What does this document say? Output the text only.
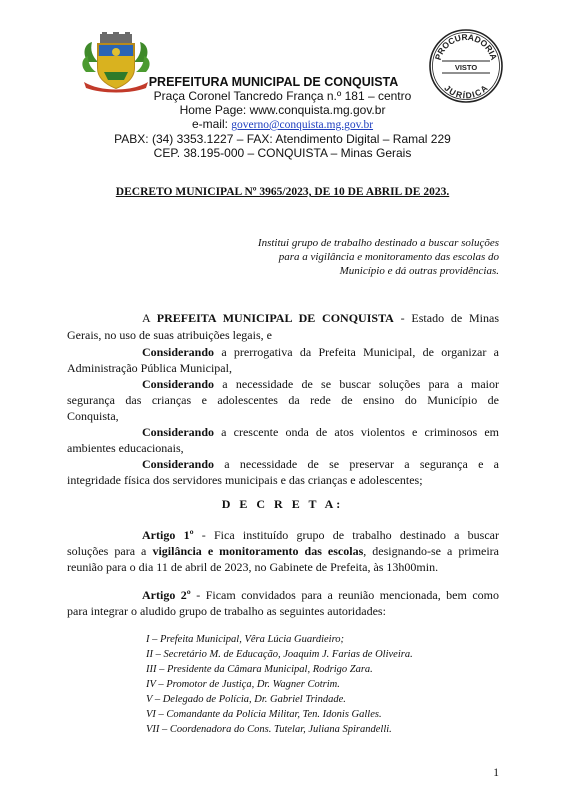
PROCURADORIA
VISTO
JURÍDICA
PREFEITURA MUNICIPAL DE CONQUISTA
Praça Coronel Tancredo França n.º 181 – centro
Home Page: www.conquista.mg.gov.br
e-mail: governo@conquista.mg.gov.br
PABX: (34) 3353.1227 – FAX: Atendimento Digital – Ramal 229
CEP. 38.195-000 – CONQUISTA – Minas Gerais
DECRETO MUNICIPAL Nº 3965/2023, DE 10 DE ABRIL DE 2023.
Institui grupo de trabalho destinado a buscar soluções
para a vigilância e monitoramento das escolas do
Município e dá outras providências.
A PREFEITA MUNICIPAL DE CONQUISTA - Estado de Minas
Gerais, no uso de suas atribuições legais, e
Considerando a prerrogativa da Prefeita Municipal, de organizar a
Administração Pública Municipal,
Considerando a necessidade de se buscar soluções para a maior
segurança das crianças e adolescentes da rede de ensino do Município de
Conquista,
Considerando a crescente onda de atos violentos e criminosos em
ambientes educacionais,
Considerando a necessidade de se preservar a segurança e a
integridade física dos servidores municipais e das crianças e adolescentes;
D E C R E T A:
Artigo 1º - Fica instituído grupo de trabalho destinado a buscar
soluções para a vigilância e monitoramento das escolas, designando-se a primeira
reunião para o dia 11 de abril de 2023, no Gabinete de Prefeita, às 13h00min.
Artigo 2º - Ficam convidados para a reunião mencionada, bem como
para integrar o aludido grupo de trabalho as seguintes autoridades:
I – Prefeita Municipal, Vêra Lúcia Guardieiro;
II – Secretário M. de Educação, Joaquim J. Farias de Oliveira.
III – Presidente da Câmara Municipal, Rodrigo Zara.
IV – Promotor de Justiça, Dr. Wagner Cotrim.
V – Delegado de Polícia, Dr. Gabriel Trindade.
VI – Comandante da Polícia Militar, Ten. Idonis Galles.
VII – Coordenadora do Cons. Tutelar, Juliana Spirandelli.
1
